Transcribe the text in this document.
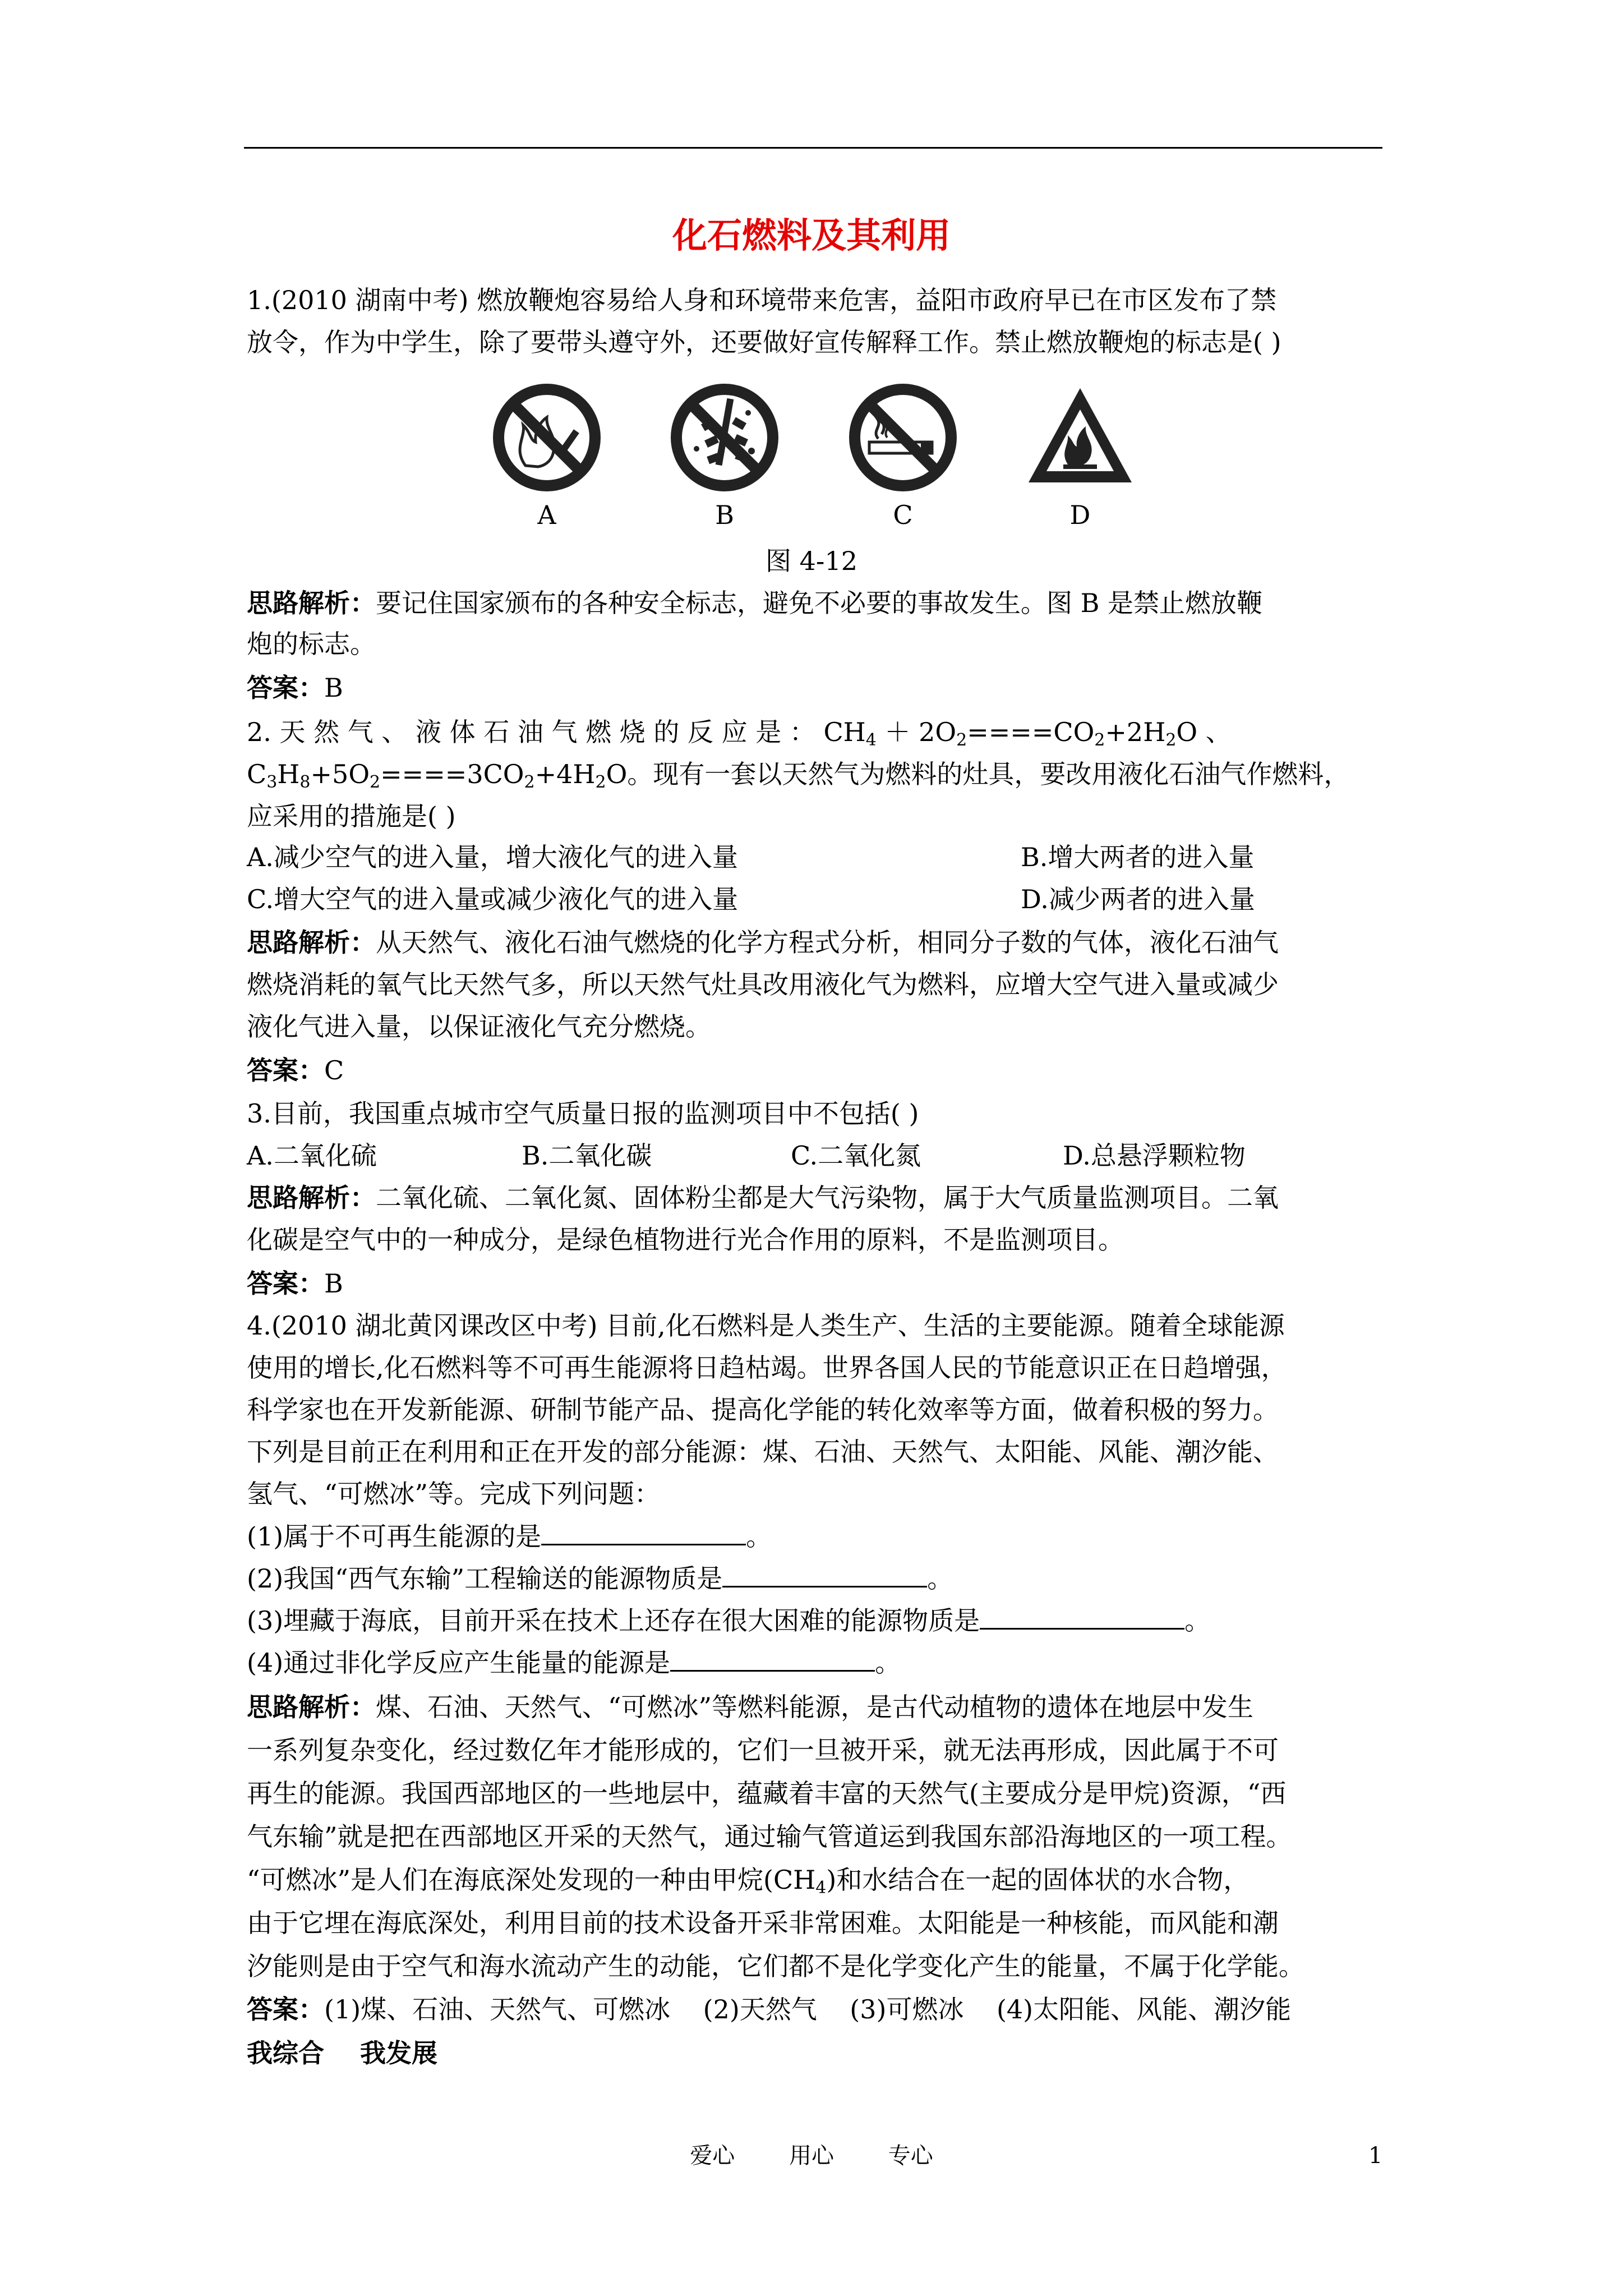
化石燃料及其利用
1.(2010 湖南中考) 燃放鞭炮容易给人身和环境带来危害，益阳市政府早已在市区发布了禁
放令，作为中学生，除了要带头遵守外，还要做好宣传解释工作。禁止燃放鞭炮的标志是( )
A	B	C	D
图 4-12
思路解析：要记住国家颁布的各种安全标志，避免不必要的事故发生。图 B 是禁止燃放鞭
炮的标志。
答案：B
2. 天 然 气 、 液 体 石 油 气 燃 烧 的 反 应 是 ： $CH_4 + 2O_2====CO_2+2H_2O$ 、
$C_3H_8+5O_2====3CO_2+4H_2O$。现有一套以天然气为燃料的灶具，要改用液化石油气作燃料，
应采用的措施是( )
A.减少空气的进入量，增大液化气的进入量	B.增大两者的进入量
C.增大空气的进入量或减少液化气的进入量	D.减少两者的进入量
思路解析：从天然气、液化石油气燃烧的化学方程式分析，相同分子数的气体，液化石油气
燃烧消耗的氧气比天然气多，所以天然气灶具改用液化气为燃料，应增大空气进入量或减少
液化气进入量，以保证液化气充分燃烧。
答案：C
3.目前，我国重点城市空气质量日报的监测项目中不包括( )
A.二氧化硫	B.二氧化碳	C.二氧化氮	D.总悬浮颗粒物
思路解析：二氧化硫、二氧化氮、固体粉尘都是大气污染物，属于大气质量监测项目。二氧
化碳是空气中的一种成分，是绿色植物进行光合作用的原料，不是监测项目。
答案：B
4.(2010 湖北黄冈课改区中考) 目前,化石燃料是人类生产、生活的主要能源。随着全球能源
使用的增长,化石燃料等不可再生能源将日趋枯竭。世界各国人民的节能意识正在日趋增强，
科学家也在开发新能源、研制节能产品、提高化学能的转化效率等方面，做着积极的努力。
下列是目前正在利用和正在开发的部分能源：煤、石油、天然气、太阳能、风能、潮汐能、
氢气、“可燃冰”等。完成下列问题：
(1)属于不可再生能源的是	。
(2)我国“西气东输”工程输送的能源物质是	。
(3)埋藏于海底，目前开采在技术上还存在很大困难的能源物质是	。
(4)通过非化学反应产生能量的能源是	。
思路解析：煤、石油、天然气、“可燃冰”等燃料能源，是古代动植物的遗体在地层中发生
一系列复杂变化，经过数亿年才能形成的，它们一旦被开采，就无法再形成，因此属于不可
再生的能源。我国西部地区的一些地层中，蕴藏着丰富的天然气(主要成分是甲烷)资源，“西
气东输”就是把在西部地区开采的天然气，通过输气管道运到我国东部沿海地区的一项工程。
“可燃冰”是人们在海底深处发现的一种由甲烷$(CH_4)$和水结合在一起的固体状的水合物，
由于它埋在海底深处，利用目前的技术设备开采非常困难。太阳能是一种核能，而风能和潮
汐能则是由于空气和海水流动产生的动能，它们都不是化学变化产生的能量，不属于化学能。
答案：(1)煤、石油、天然气、可燃冰    (2)天然气    (3)可燃冰    (4)太阳能、风能、潮汐能
我综合    我发展
爱心 用心 专心	1
